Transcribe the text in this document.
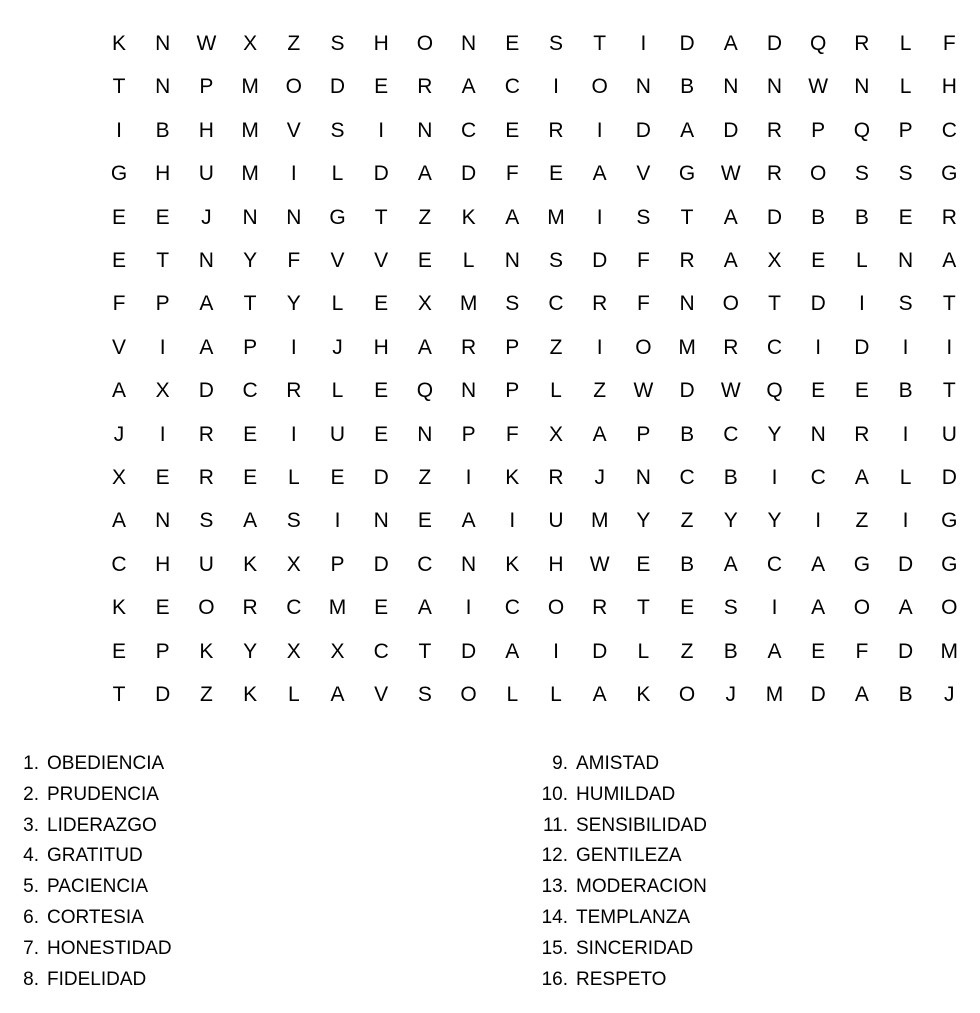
K	N	W	X	Z	S	H	O	N	E	S	T	I	D	A	D	Q	R	L	F
T	N	P	M	O	D	E	R	A	C	I	O	N	B	N	N	W	N	L	H
I	B	H	M	V	S	I	N	C	E	R	I	D	A	D	R	P	Q	P	C
G	H	U	M	I	L	D	A	D	F	E	A	V	G	W	R	O	S	S	G
E	E	J	N	N	G	T	Z	K	A	M	I	S	T	A	D	B	B	E	R
E	T	N	Y	F	V	V	E	L	N	S	D	F	R	A	X	E	L	N	A
F	P	A	T	Y	L	E	X	M	S	C	R	F	N	O	T	D	I	S	T
V	I	A	P	I	J	H	A	R	P	Z	I	O	M	R	C	I	D	I	I
A	X	D	C	R	L	E	Q	N	P	L	Z	W	D	W	Q	E	E	B	T
J	I	R	E	I	U	E	N	P	F	X	A	P	B	C	Y	N	R	I	U
X	E	R	E	L	E	D	Z	I	K	R	J	N	C	B	I	C	A	L	D
A	N	S	A	S	I	N	E	A	I	U	M	Y	Z	Y	Y	I	Z	I	G
C	H	U	K	X	P	D	C	N	K	H	W	E	B	A	C	A	G	D	G
K	E	O	R	C	M	E	A	I	C	O	R	T	E	S	I	A	O	A	O
E	P	K	Y	X	X	C	T	D	A	I	D	L	Z	B	A	E	F	D	M
T	D	Z	K	L	A	V	S	O	L	L	A	K	O	J	M	D	A	B	J
1. OBEDIENCIA
2. PRUDENCIA
3. LIDERAZGO
4. GRATITUD
5. PACIENCIA
6. CORTESIA
7. HONESTIDAD
8. FIDELIDAD
9. AMISTAD
10. HUMILDAD
11. SENSIBILIDAD
12. GENTILEZA
13. MODERACION
14. TEMPLANZA
15. SINCERIDAD
16. RESPETO
